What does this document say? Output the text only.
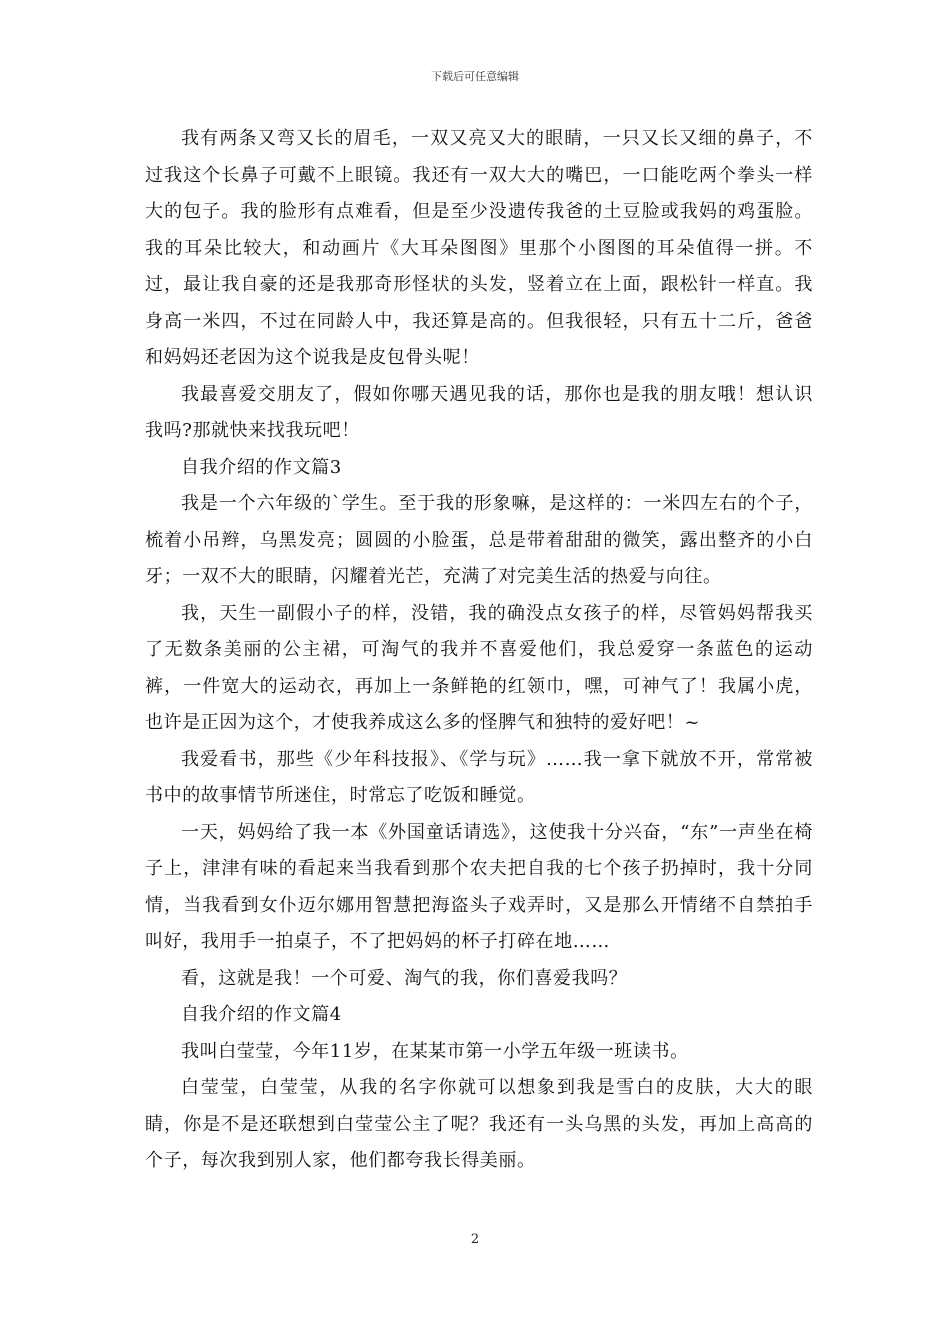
下载后可任意编辑

我有两条又弯又长的眉毛，一双又亮又大的眼睛，一只又长又细的鼻子，不过我这个长鼻子可戴不上眼镜。我还有一双大大的嘴巴，一口能吃两个拳头一样大的包子。我的脸形有点难看，但是至少没遗传我爸的土豆脸或我妈的鸡蛋脸。我的耳朵比较大，和动画片《大耳朵图图》里那个小图图的耳朵值得一拼。不过，最让我自豪的还是我那奇形怪状的头发，竖着立在上面，跟松针一样直。我身高一米四，不过在同龄人中，我还算是高的。但我很轻，只有五十二斤，爸爸和妈妈还老因为这个说我是皮包骨头呢！

我最喜爱交朋友了，假如你哪天遇见我的话，那你也是我的朋友哦！想认识我吗?那就快来找我玩吧！

自我介绍的作文篇3

我是一个六年级的`学生。至于我的形象嘛，是这样的：一米四左右的个子，梳着小吊辫，乌黑发亮；圆圆的小脸蛋，总是带着甜甜的微笑，露出整齐的小白牙；一双不大的眼睛，闪耀着光芒，充满了对完美生活的热爱与向往。

我，天生一副假小子的样，没错，我的确没点女孩子的样，尽管妈妈帮我买了无数条美丽的公主裙，可淘气的我并不喜爱他们，我总爱穿一条蓝色的运动裤，一件宽大的运动衣，再加上一条鲜艳的红领巾，嘿，可神气了！我属小虎，也许是正因为这个，才使我养成这么多的怪脾气和独特的爱好吧！~

我爱看书，那些《少年科技报》、《学与玩》……我一拿下就放不开，常常被书中的故事情节所迷住，时常忘了吃饭和睡觉。

一天，妈妈给了我一本《外国童话请选》，这使我十分兴奋，“东”一声坐在椅子上，津津有味的看起来当我看到那个农夫把自我的七个孩子扔掉时，我十分同情，当我看到女仆迈尔娜用智慧把海盗头子戏弄时，又是那么开情绪不自禁拍手叫好，我用手一拍桌子，不了把妈妈的杯子打碎在地……

看，这就是我！一个可爱、淘气的我，你们喜爱我吗？

自我介绍的作文篇4

我叫白莹莹，今年11岁，在某某市第一小学五年级一班读书。

白莹莹，白莹莹，从我的名字你就可以想象到我是雪白的皮肤，大大的眼睛，你是不是还联想到白莹莹公主了呢？我还有一头乌黑的头发，再加上高高的个子，每次我到别人家，他们都夸我长得美丽。

2
